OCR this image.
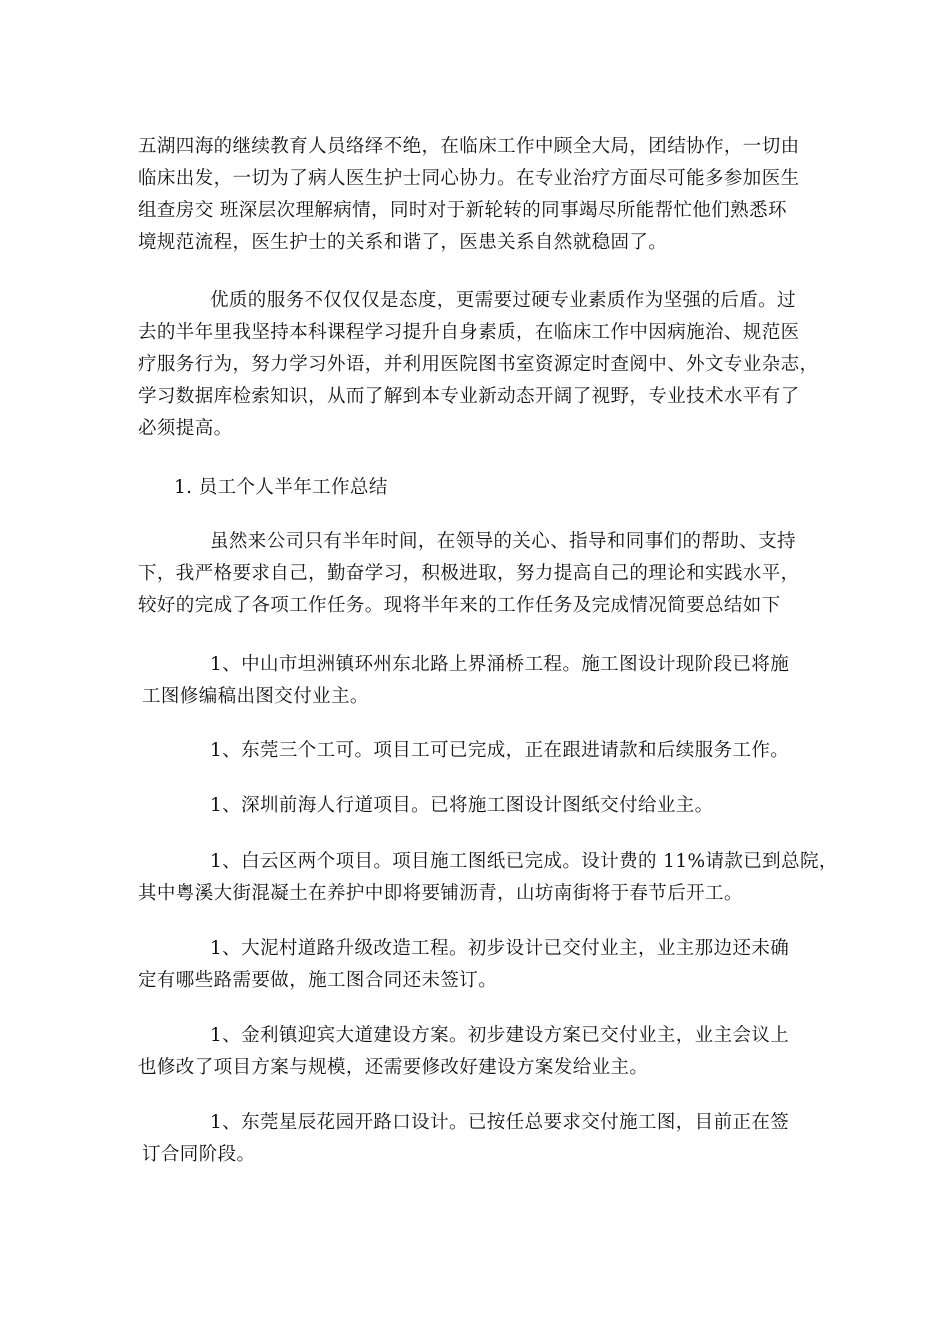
五湖四海的继续教育人员络绎不绝，在临床工作中顾全大局，团结协作，一切由
临床出发，一切为了病人医生护士同心协力。在专业治疗方面尽可能多参加医生
组查房交 班深层次理解病情，同时对于新轮转的同事竭尽所能帮忙他们熟悉环
境规范流程，医生护士的关系和谐了，医患关系自然就稳固了。
优质的服务不仅仅仅是态度，更需要过硬专业素质作为坚强的后盾。过
去的半年里我坚持本科课程学习提升自身素质，在临床工作中因病施治、规范医
疗服务行为，努力学习外语，并利用医院图书室资源定时查阅中、外文专业杂志，
学习数据库检索知识，从而了解到本专业新动态开阔了视野，专业技术水平有了
必须提高。
1. 员工个人半年工作总结
虽然来公司只有半年时间，在领导的关心、指导和同事们的帮助、支持
下，我严格要求自己，勤奋学习，积极进取，努力提高自己的理论和实践水平，
较好的完成了各项工作任务。现将半年来的工作任务及完成情况简要总结如下
1、中山市坦洲镇环州东北路上界涌桥工程。施工图设计现阶段已将施
工图修编稿出图交付业主。
1、东莞三个工可。项目工可已完成，正在跟进请款和后续服务工作。
1、深圳前海人行道项目。已将施工图设计图纸交付给业主。
1、白云区两个项目。项目施工图纸已完成。设计费的 11%请款已到总院，
其中粤溪大街混凝土在养护中即将要铺沥青，山坊南街将于春节后开工。
1、大泥村道路升级改造工程。初步设计已交付业主，业主那边还未确
定有哪些路需要做，施工图合同还未签订。
1、金利镇迎宾大道建设方案。初步建设方案已交付业主，业主会议上
也修改了项目方案与规模，还需要修改好建设方案发给业主。
1、东莞星辰花园开路口设计。已按任总要求交付施工图，目前正在签
订合同阶段。
